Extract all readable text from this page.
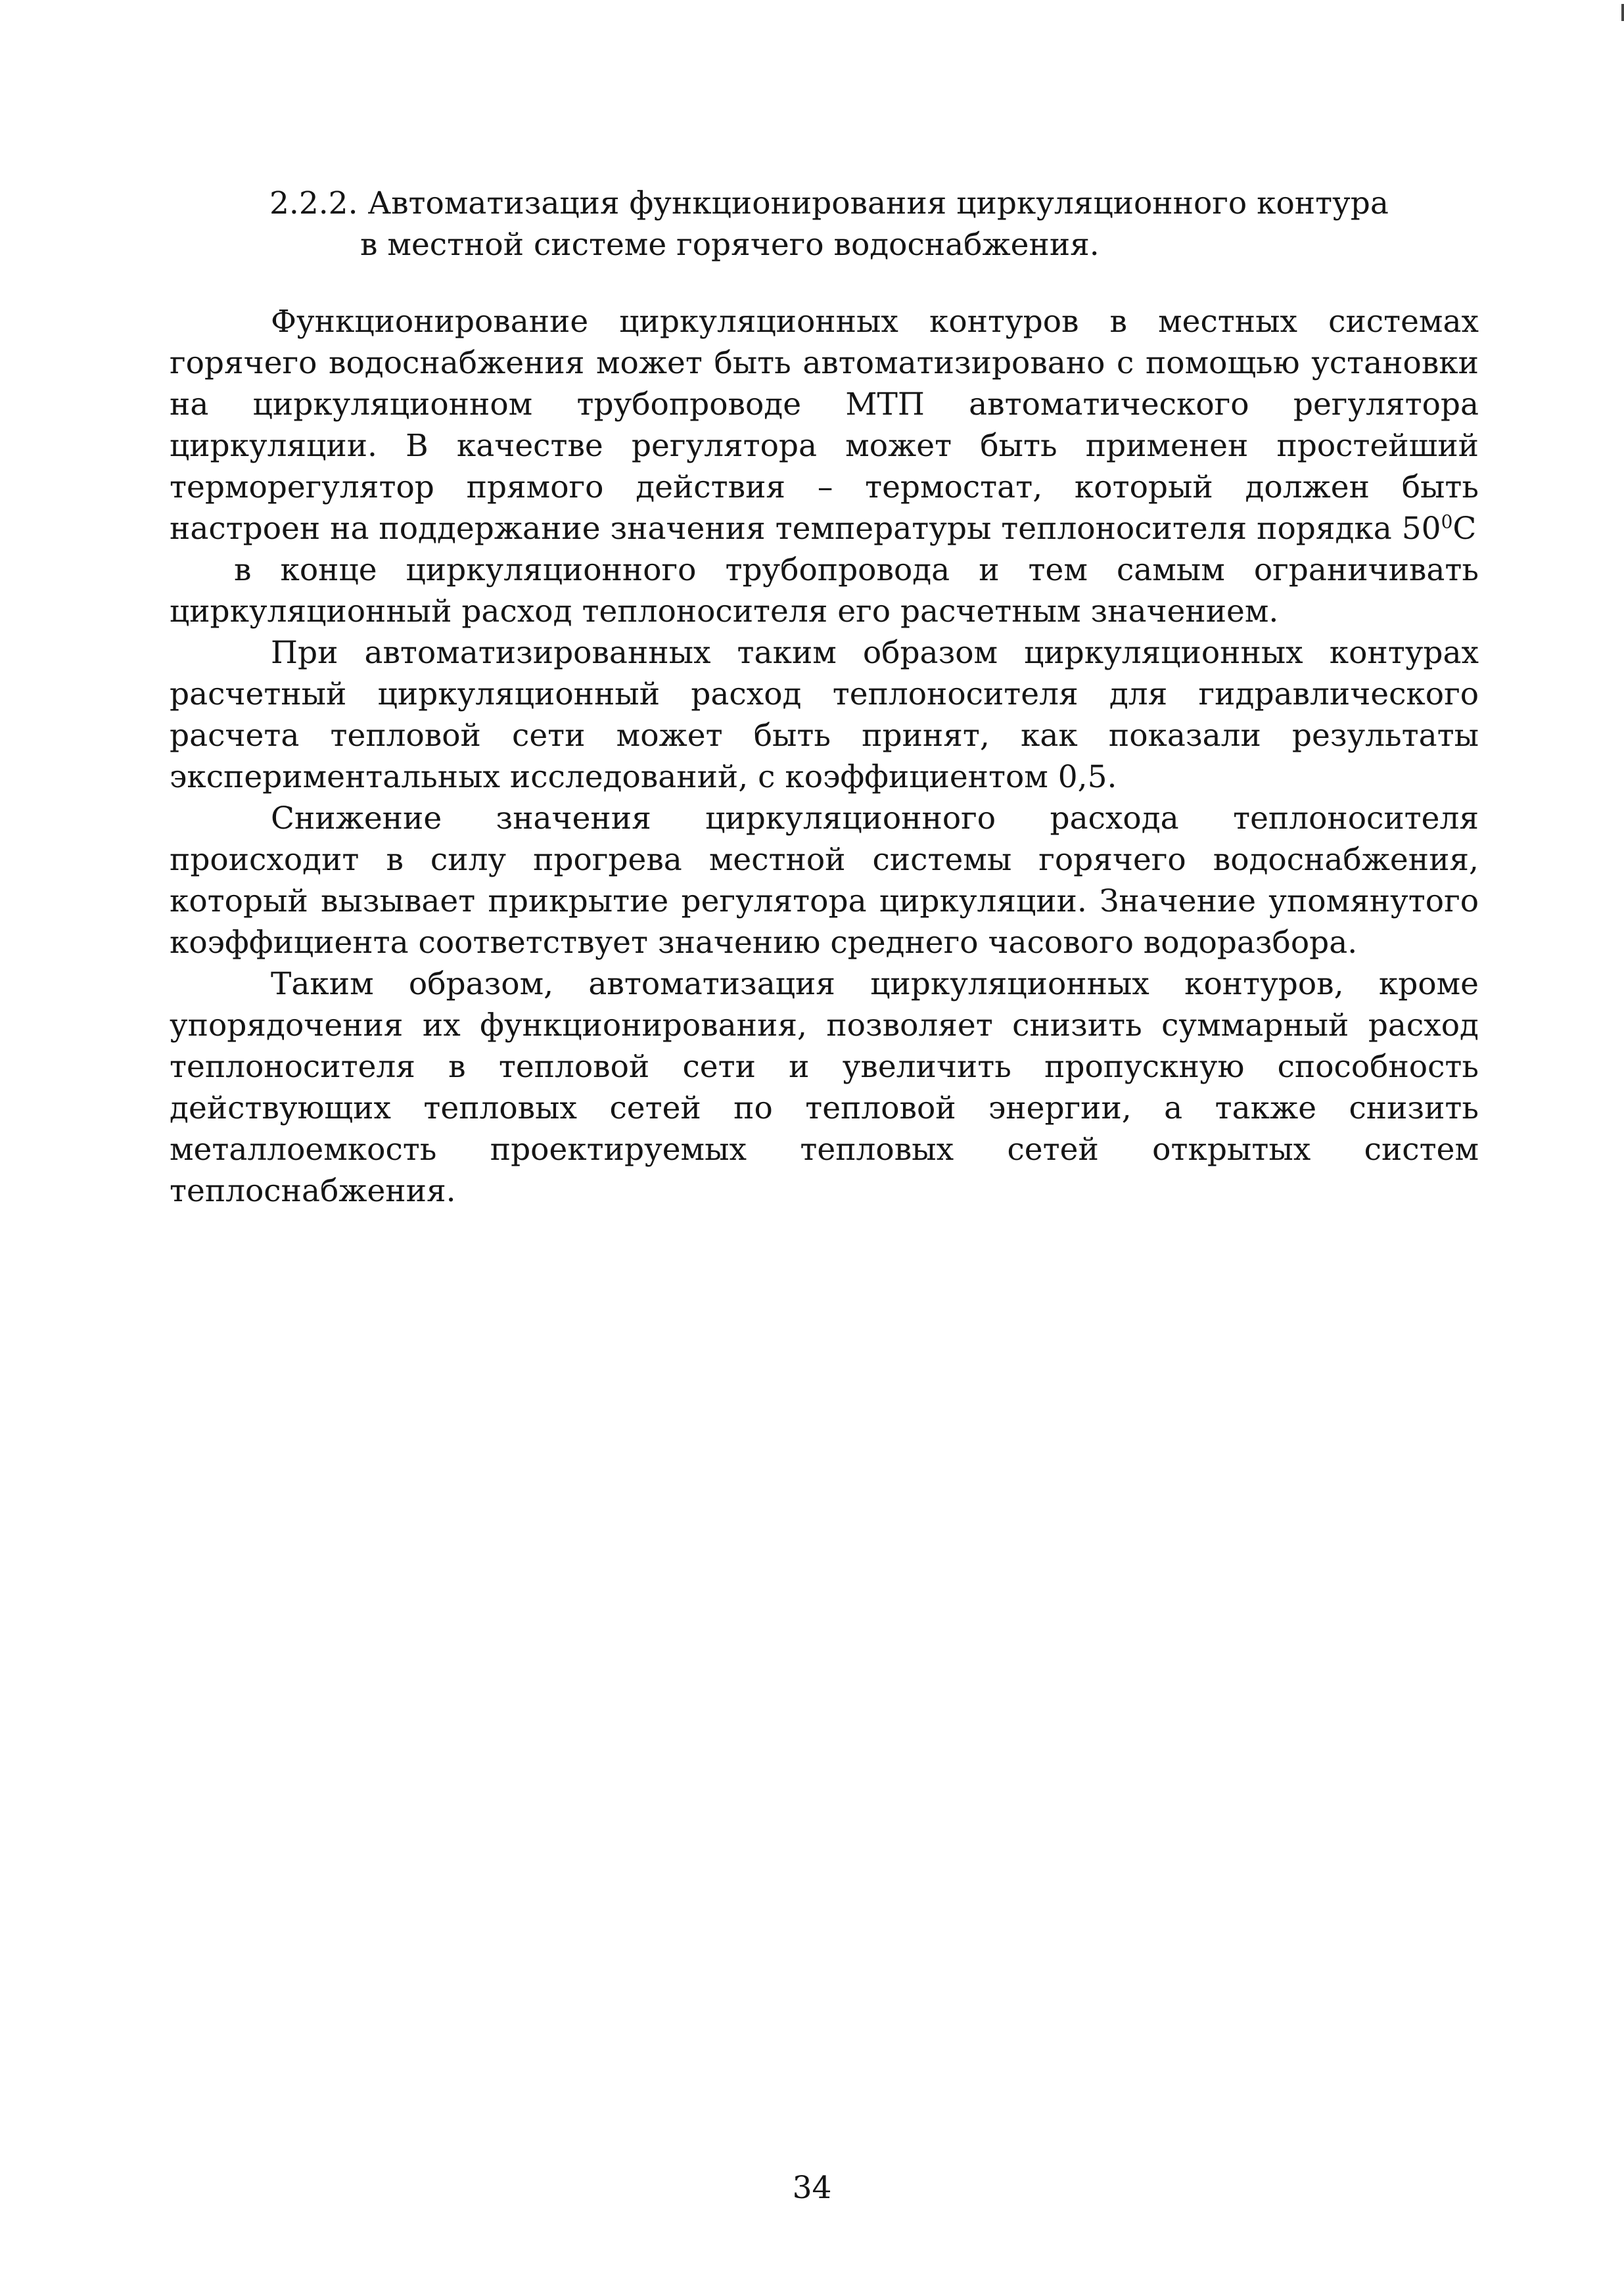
2.2.2. Автоматизация функционирования циркуляционного контура
в местной системе горячего водоснабжения.

Функционирование циркуляционных контуров в местных системах горячего водоснабжения может быть автоматизировано с помощью установки на циркуляционном трубопроводе МТП автоматического регулятора циркуляции. В качестве регулятора может быть применен простейший терморегулятор прямого действия – термостат, который должен быть настроен на поддержание значения температуры теплоносителя порядка $50^0С$

в конце циркуляционного трубопровода и тем самым ограничивать циркуляционный расход теплоносителя его расчетным значением.

При автоматизированных таким образом циркуляционных контурах расчетный циркуляционный расход теплоносителя для гидравлического расчета тепловой сети может быть принят, как показали результаты экспериментальных исследований, с коэффициентом 0,5.

Снижение значения циркуляционного расхода теплоносителя происходит в силу прогрева местной системы горячего водоснабжения, который вызывает прикрытие регулятора циркуляции. Значение упомянутого коэффициента соответствует значению среднего часового водоразбора.

Таким образом, автоматизация циркуляционных контуров, кроме упорядочения их функционирования, позволяет снизить суммарный расход теплоносителя в тепловой сети и увеличить пропускную способность действующих тепловых сетей по тепловой энергии, а также снизить металлоемкость проектируемых тепловых сетей открытых систем теплоснабжения.

34
